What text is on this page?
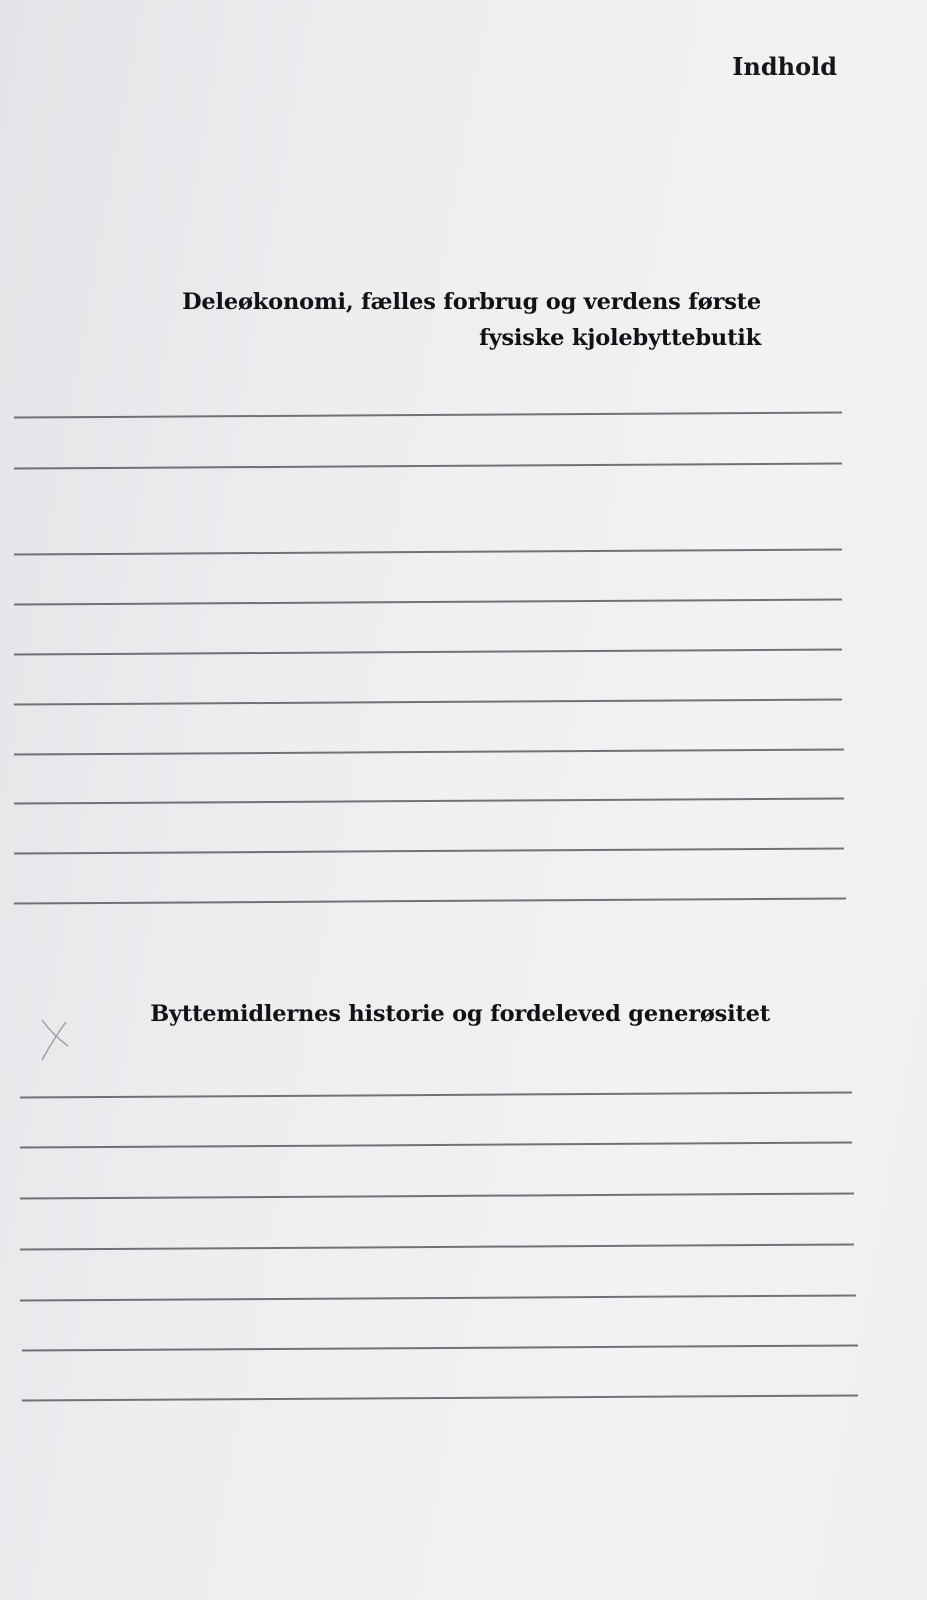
Indhold
Deleøkonomi, fælles forbrug og verdens første
fysiske kjolebyttebutik
Byttemidlernes historie og fordeleved generøsitet
